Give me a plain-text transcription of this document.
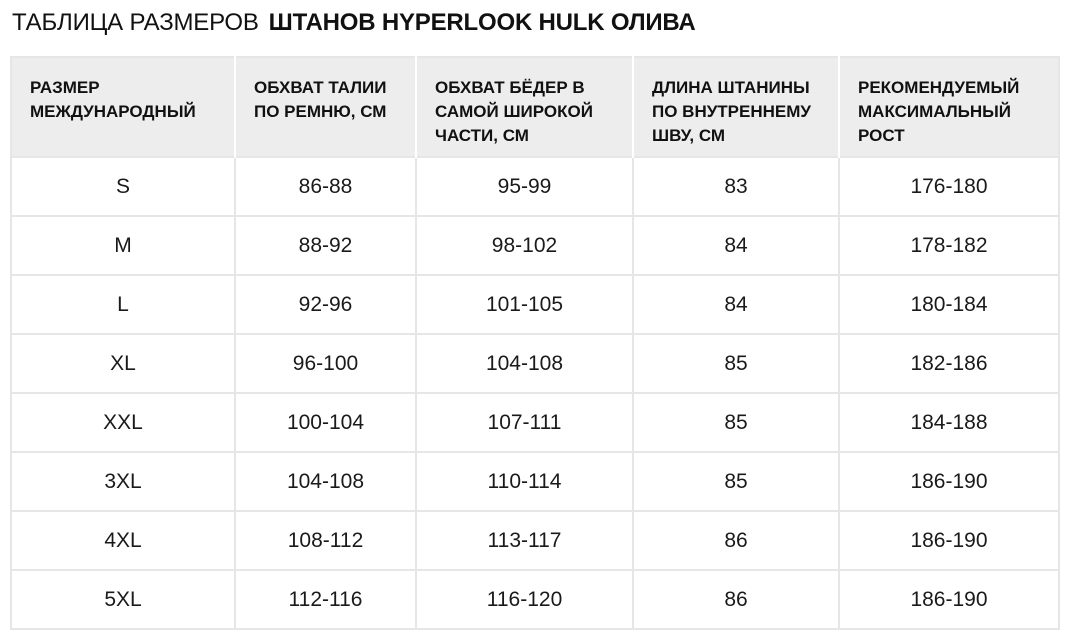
ТАБЛИЦА РАЗМЕРОВ ШТАНОВ HYPERLOOK HULK ОЛИВА
РАЗМЕР МЕЖДУНАРОДНЫЙ	ОБХВАТ ТАЛИИ ПО РЕМНЮ, СМ	ОБХВАТ БЁДЕР В САМОЙ ШИРОКОЙ ЧАСТИ, СМ	ДЛИНА ШТАНИНЫ ПО ВНУТРЕННЕМУ ШВУ, СМ	РЕКОМЕНДУЕМЫЙ МАКСИМАЛЬНЫЙ РОСТ
S	86-88	95-99	83	176-180
M	88-92	98-102	84	178-182
L	92-96	101-105	84	180-184
XL	96-100	104-108	85	182-186
XXL	100-104	107-111	85	184-188
3XL	104-108	110-114	85	186-190
4XL	108-112	113-117	86	186-190
5XL	112-116	116-120	86	186-190
